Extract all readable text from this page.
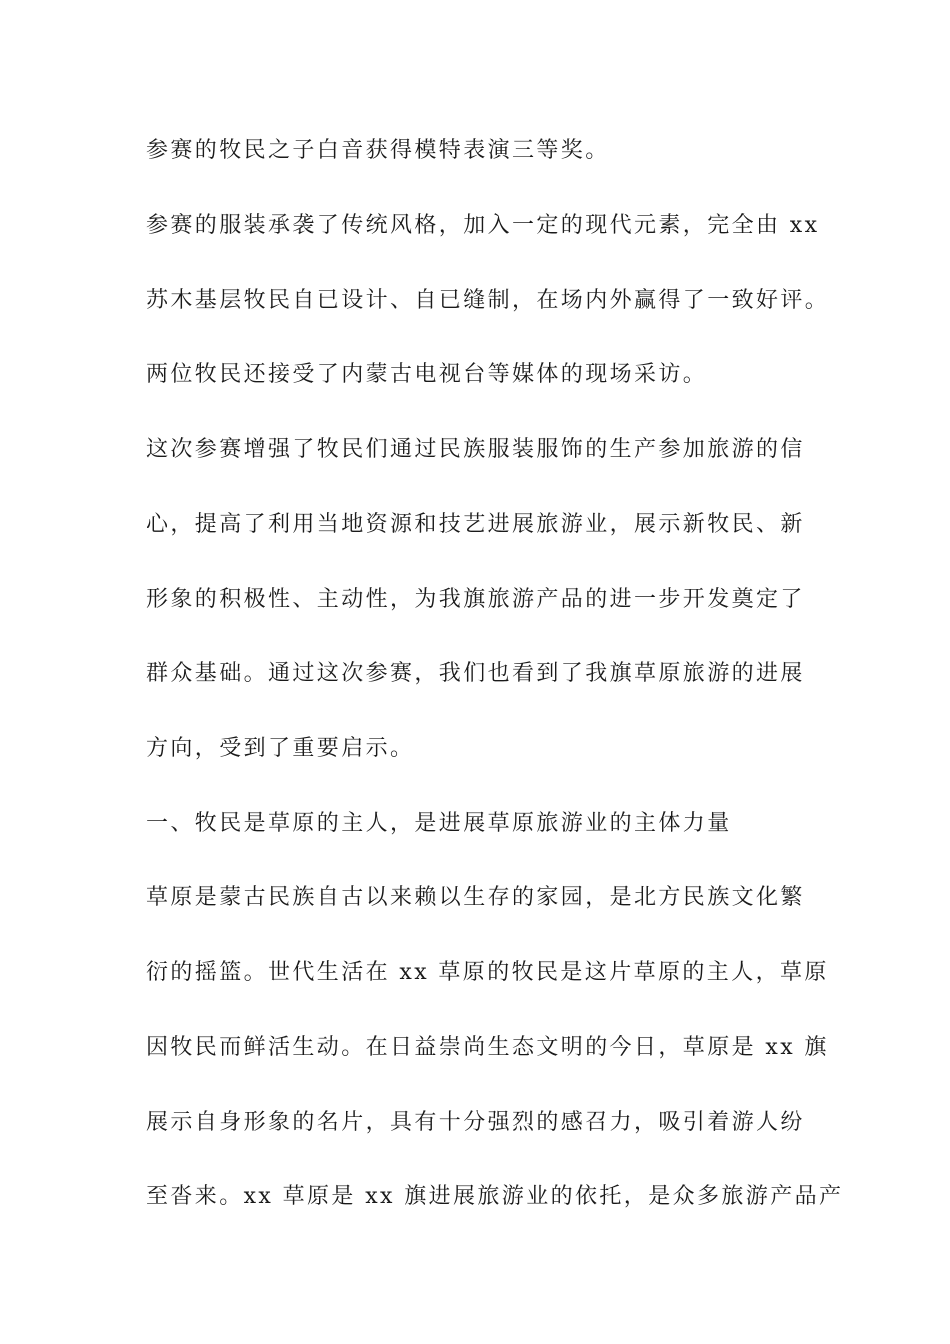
参赛的牧民之子白音获得模特表演三等奖。
参赛的服装承袭了传统风格，加入一定的现代元素，完全由 xx
苏木基层牧民自已设计、自已缝制，在场内外赢得了一致好评。
两位牧民还接受了内蒙古电视台等媒体的现场采访。
这次参赛增强了牧民们通过民族服装服饰的生产参加旅游的信
心，提高了利用当地资源和技艺进展旅游业，展示新牧民、新
形象的积极性、主动性，为我旗旅游产品的进一步开发奠定了
群众基础。通过这次参赛，我们也看到了我旗草原旅游的进展
方向，受到了重要启示。
一、牧民是草原的主人，是进展草原旅游业的主体力量
草原是蒙古民族自古以来赖以生存的家园，是北方民族文化繁
衍的摇篮。世代生活在 xx 草原的牧民是这片草原的主人，草原
因牧民而鲜活生动。在日益崇尚生态文明的今日，草原是 xx 旗
展示自身形象的名片，具有十分强烈的感召力，吸引着游人纷
至沓来。xx 草原是 xx 旗进展旅游业的依托，是众多旅游产品产
